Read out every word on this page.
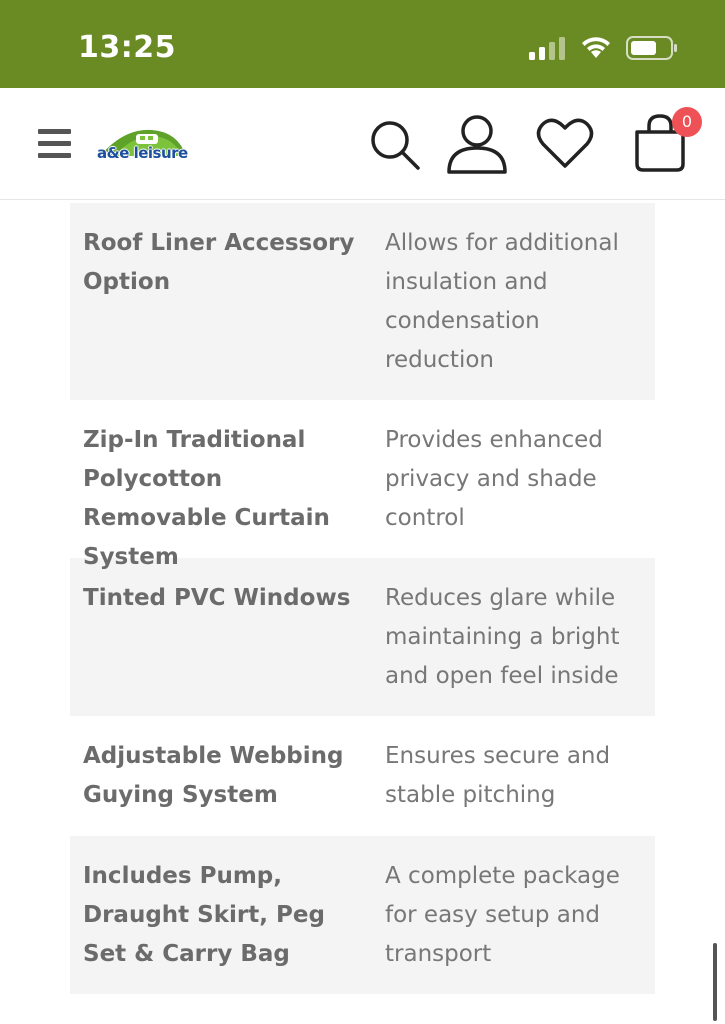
13:25
a&e leisure
0
Roof Liner Accessory Option
Allows for additional insulation and condensation reduction
Zip-In Traditional Polycotton Removable Curtain System
Provides enhanced privacy and shade control
Tinted PVC Windows	Reduces glare while maintaining a bright and open feel inside
Adjustable Webbing Guying System
Ensures secure and stable pitching
Includes Pump, Draught Skirt, Peg Set & Carry Bag
A complete package for easy setup and transport
